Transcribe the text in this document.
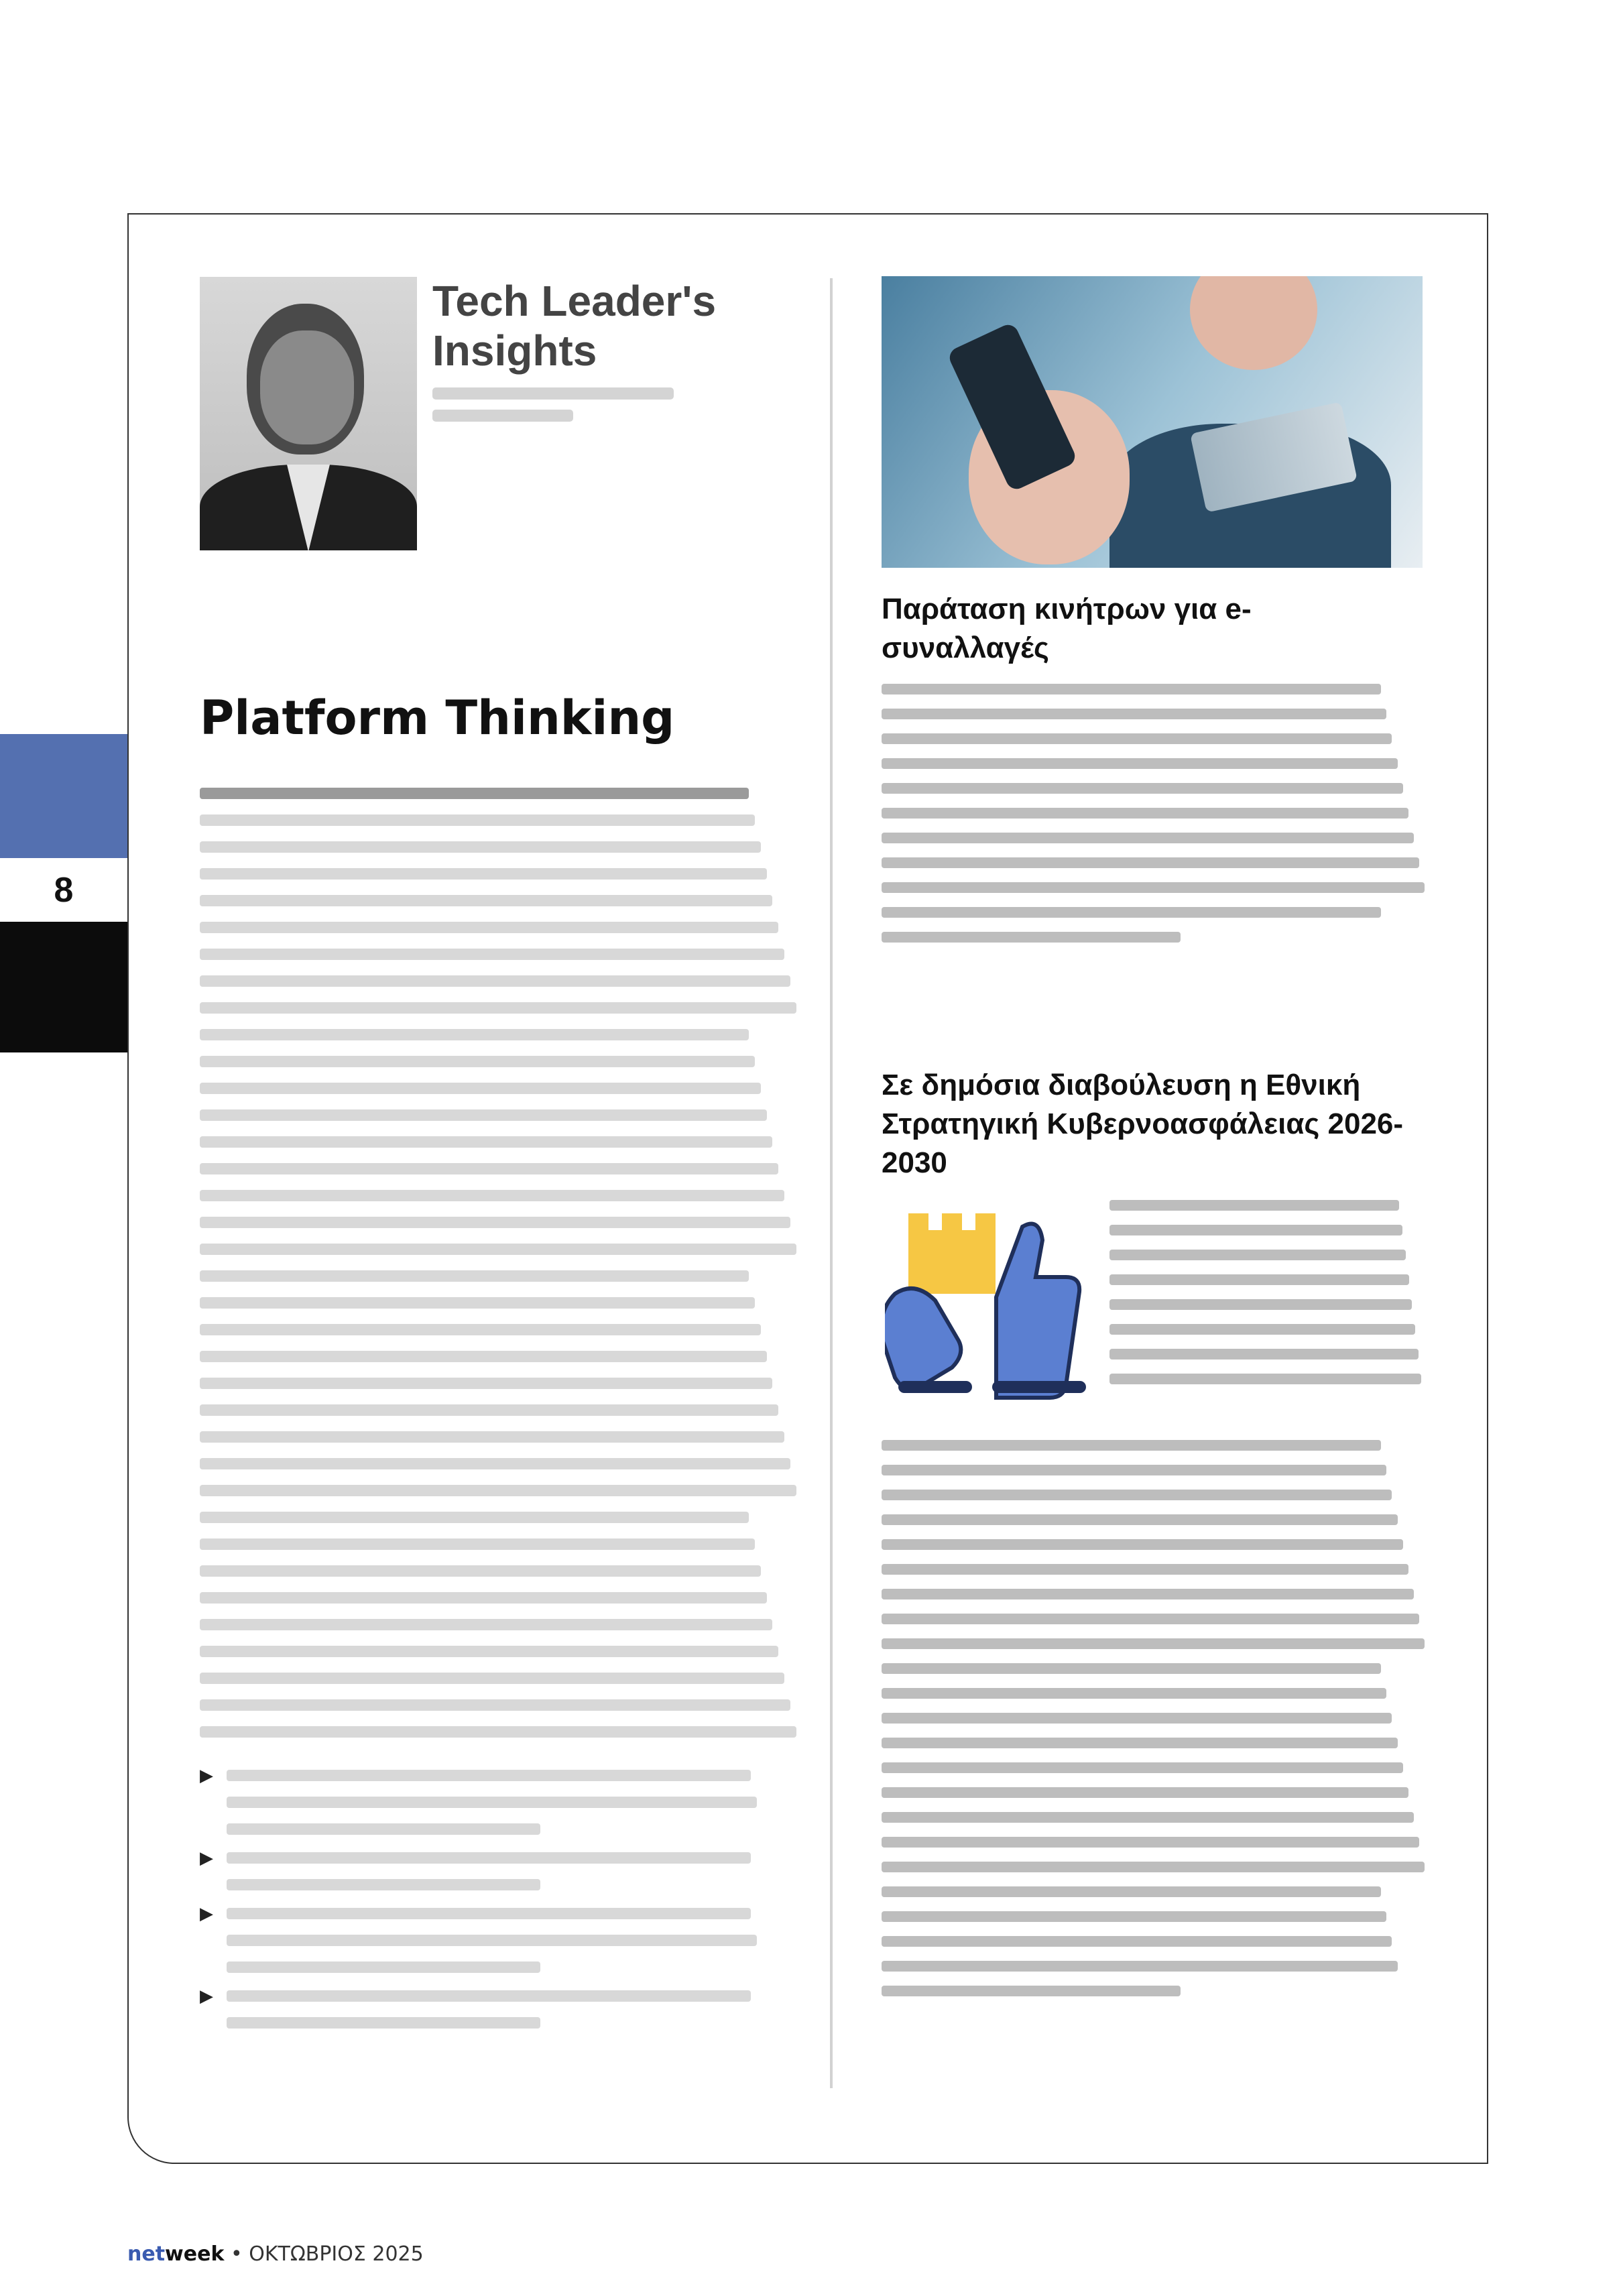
8
Tech Leader's Insights
Platform Thinking
▶
▶
▶
▶
Παράταση κινήτρων για e-συναλλαγές
Σε δημόσια διαβούλευση η Εθνική Στρατηγική Κυβερνοασφάλειας 2026-2030
netweek • ΟΚΤΩΒΡΙΟΣ 2025
